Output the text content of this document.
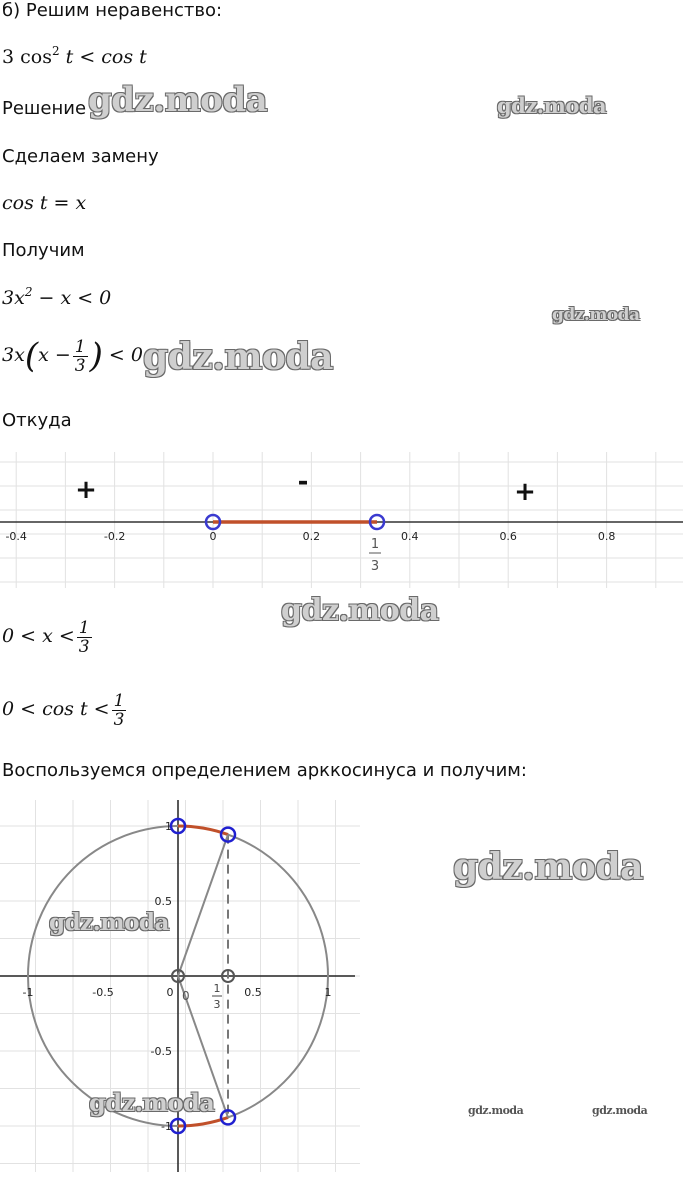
б) Решим неравенство:
3 $\cos^2 t < \cos t$
Решение
Сделаем замену
cos t = x
Получим
$3x^2 - x < 0$
$3x(x - \frac{1}{3}$ ) < 0
Откуда
-0.4	-0.2	0	0.2	0.4	0.6	0.8
+	-	+
1
3
$0 < x < \frac{1}{3}$
$0 < \cos t < \frac{1}{3}$
Воспользуемся определением арккосинуса и получим:
-1	-0.5	0	0.5	1
1
0.5
-0.5
-1
0
1
3
gdz.moda	gdz.moda
gdz.moda
gdz.moda
gdz.moda
gdz.moda
gdz.moda
gdz.moda	gdz.moda	gdz.moda
